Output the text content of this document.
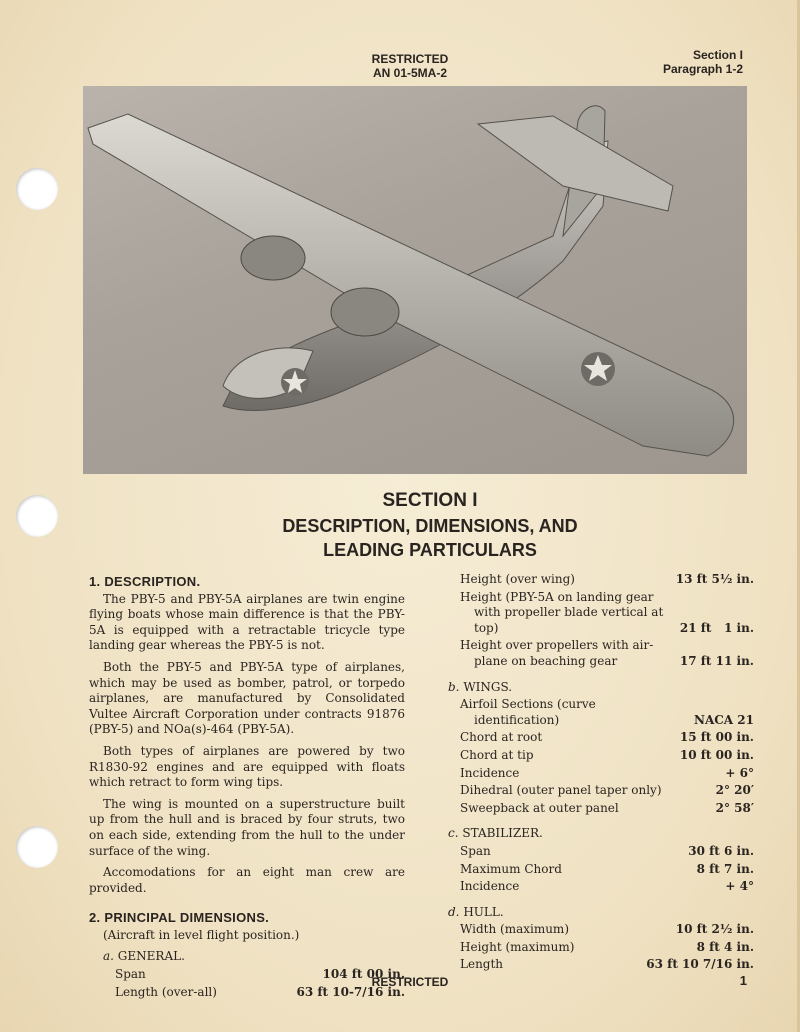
RESTRICTED
AN 01-5MA-2
Section I
Paragraph 1-2
SECTION I
DESCRIPTION, DIMENSIONS, AND
LEADING PARTICULARS
1. DESCRIPTION.
The PBY-5 and PBY-5A airplanes are twin engine flying boats whose main difference is that the PBY-5A is equipped with a retractable tricycle type landing gear whereas the PBY-5 is not.
Both the PBY-5 and PBY-5A type of airplanes, which may be used as bomber, patrol, or torpedo airplanes, are manufactured by Consolidated Vultee Aircraft Corporation under contracts 91876 (PBY-5) and NOa(s)-464 (PBY-5A).
Both types of airplanes are powered by two R1830-92 engines and are equipped with floats which retract to form wing tips.
The wing is mounted on a superstructure built up from the hull and is braced by four struts, two on each side, extending from the hull to the under surface of the wing.
Accomodations for an eight man crew are provided.
2. PRINCIPAL DIMENSIONS.
(Aircraft in level flight position.)
a. GENERAL.
Span	104 ft 00 in.
Length (over-all)	63 ft 10-7/16 in.
Height (over wing)	13 ft 5½ in.
Height (PBY-5A on landing gear
with propeller blade vertical at
top)	21 ft   1 in.
Height over propellers with air-
plane on beaching gear	17 ft 11 in.
b. WINGS.
Airfoil Sections (curve
identification)	NACA 21
Chord at root	15 ft 00 in.
Chord at tip	10 ft 00 in.
Incidence	+ 6°
Dihedral (outer panel taper only)	2° 20′
Sweepback at outer panel	2° 58′
c. STABILIZER.
Span	30 ft 6 in.
Maximum Chord	8 ft 7 in.
Incidence	+ 4°
d. HULL.
Width (maximum)	10 ft 2½ in.
Height (maximum)	8 ft 4 in.
Length	63 ft 10 7/16 in.
RESTRICTED	1
